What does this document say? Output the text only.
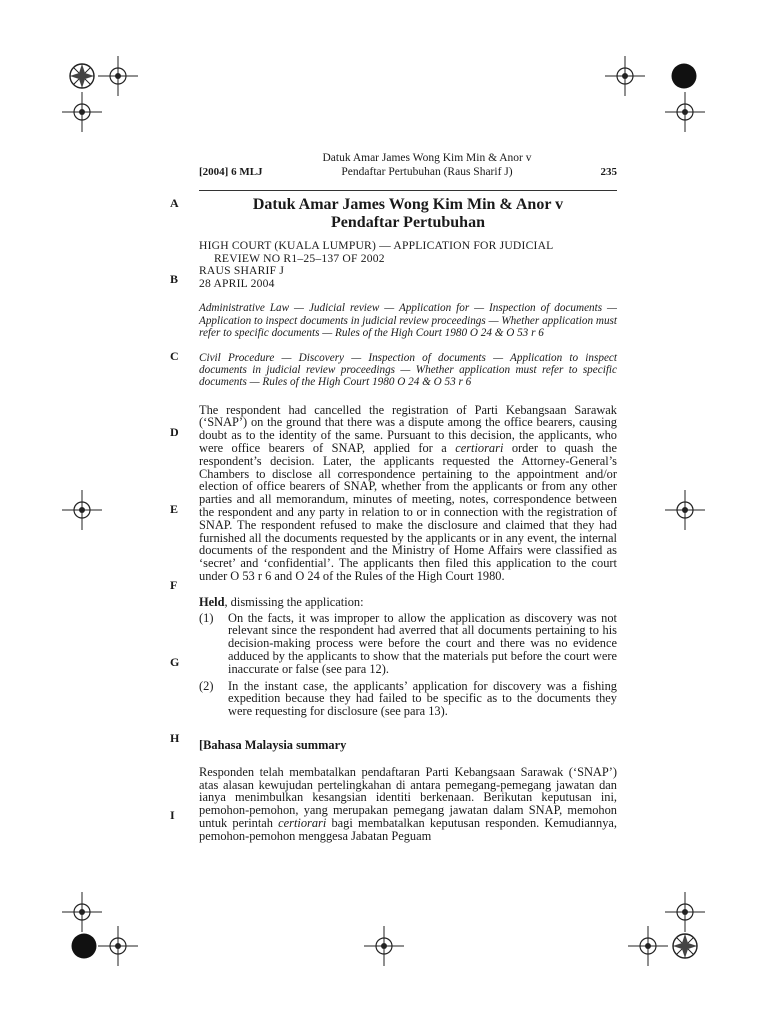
[2004] 6 MLJ
Datuk Amar James Wong Kim Min & Anor v
Pendaftar Pertubuhan (Raus Sharif J)	235
A
B
C
D
E
F
G
H
I
Datuk Amar James Wong Kim Min & Anor v
Pendaftar Pertubuhan

HIGH COURT (KUALA LUMPUR) — APPLICATION FOR JUDICIAL

REVIEW NO R1–25–137 OF 2002

RAUS SHARIF J

28 APRIL 2004

Administrative Law — Judicial review — Application for — Inspection of documents — Application to inspect documents in judicial review proceedings — Whether application must refer to specific documents — Rules of the High Court 1980 O 24 & O 53 r 6

Civil Procedure — Discovery — Inspection of documents — Application to inspect documents in judicial review proceedings — Whether application must refer to specific documents — Rules of the High Court 1980 O 24 & O 53 r 6

The respondent had cancelled the registration of Parti Kebangsaan Sarawak (‘SNAP’) on the ground that there was a dispute among the office bearers, causing doubt as to the identity of the same. Pursuant to this decision, the applicants, who were office bearers of SNAP, applied for a certiorari order to quash the respondent’s decision. Later, the applicants requested the Attorney-General’s Chambers to disclose all correspondence pertaining to the appointment and/or election of office bearers of SNAP, whether from the applicants or from any other parties and all memorandum, minutes of meeting, notes, correspondence between the respondent and any party in relation to or in connection with the registration of SNAP. The respondent refused to make the disclosure and claimed that they had furnished all the documents requested by the applicants or in any event, the internal documents of the respondent and the Ministry of Home Affairs were classified as ‘secret’ and ‘confidential’. The applicants then filed this application to the court under O 53 r 6 and O 24 of the Rules of the High Court 1980.

Held, dismissing the application:

(1)	On the facts, it was improper to allow the application as discovery was not relevant since the respondent had averred that all documents pertaining to his decision-making process were before the court and there was no evidence adduced by the applicants to show that the materials put before the court were inaccurate or false (see para 12).
(2)	In the instant case, the applicants’ application for discovery was a fishing expedition because they had failed to be specific as to the documents they were requesting for disclosure (see para 13).
[Bahasa Malaysia summary

Responden telah membatalkan pendaftaran Parti Kebangsaan Sarawak (‘SNAP’) atas alasan kewujudan pertelingkahan di antara pemegang-pemegang jawatan dan ianya menimbulkan kesangsian identiti berkenaan. Berikutan keputusan ini, pemohon-pemohon, yang merupakan pemegang jawatan dalam SNAP, memohon untuk perintah certiorari bagi membatalkan keputusan responden. Kemudiannya, pemohon-pemohon menggesa Jabatan Peguam
